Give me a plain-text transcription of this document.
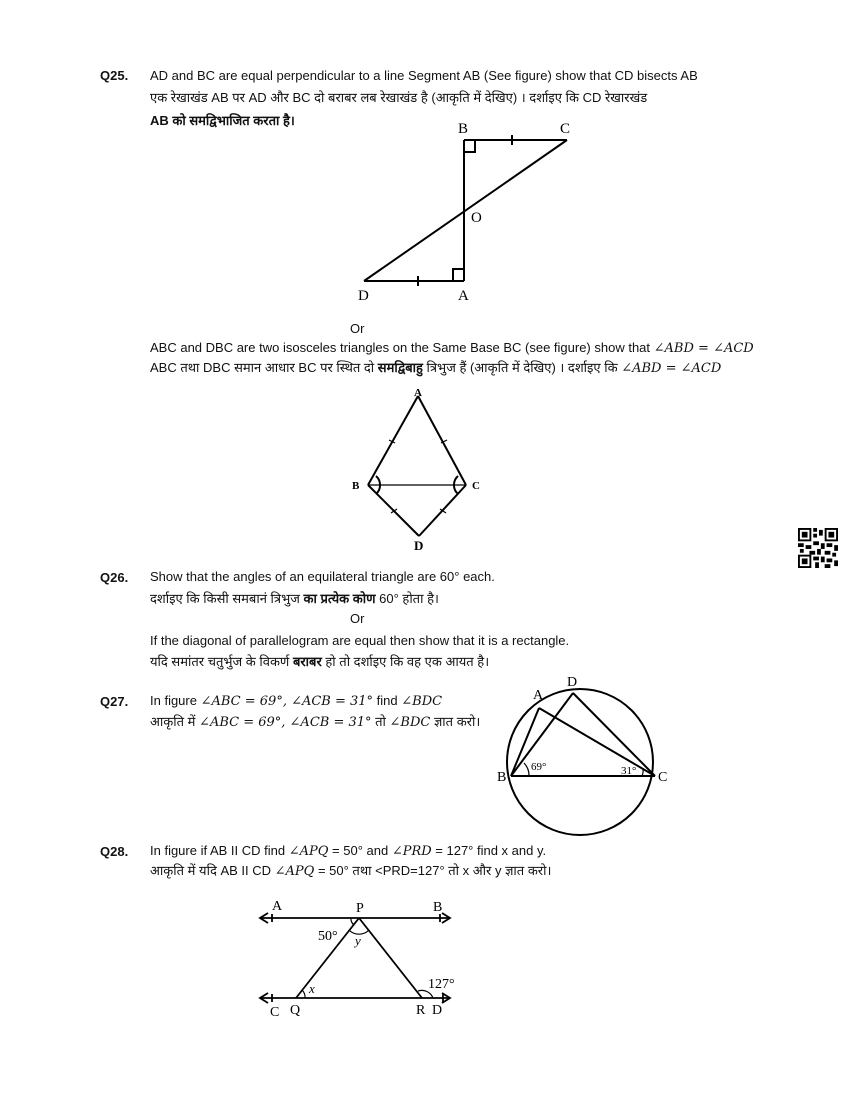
Q25. AD and BC are equal perpendicular to a line Segment AB (See figure) show that CD bisects AB
एक रेखाखंड AB पर AD और BC दो बराबर लब रेखाखंड है (आकृति में देखिए) । दर्शाइए कि CD रेखारखंड
AB को समद्विभाजित करता है।
B	C
O
D	A
Or
ABC and DBC are two isosceles triangles on the Same Base BC (see figure) show that ∠ABD = ∠ACD
ABC तथा DBC समान आधार BC पर स्थित दो समद्विबाहु त्रिभुज हैं (आकृति में देखिए) । दर्शाइए कि ∠ABD = ∠ACD
A
B	C
D
Q26. Show that the angles of an equilateral triangle are 60° each.
दर्शाइए कि किसी समबानं त्रिभुज का प्रत्येक कोण 60° होता है।
Or
If the diagonal of parallelogram are equal then show that it is a rectangle.
यदि समांतर चतुर्भुज के विकर्ण बराबर हो तो दर्शाइए कि वह एक आयत है।
Q27. In figure ∠ABC = 69°, ∠ACB = 31° find ∠BDC
आकृति में ∠ABC = 69°, ∠ACB = 31° तो ∠BDC ज्ञात करो।
A
D
B	C
69°	31°
Q28. In figure if AB II CD find ∠APQ = 50° and ∠PRD = 127° find x and y.
आकृति में यदि AB II CD ∠APQ = 50° तथा <PRD=127° तो x और y ज्ञात करो।
A	P	B
50° y
x	127°
C Q	R D
